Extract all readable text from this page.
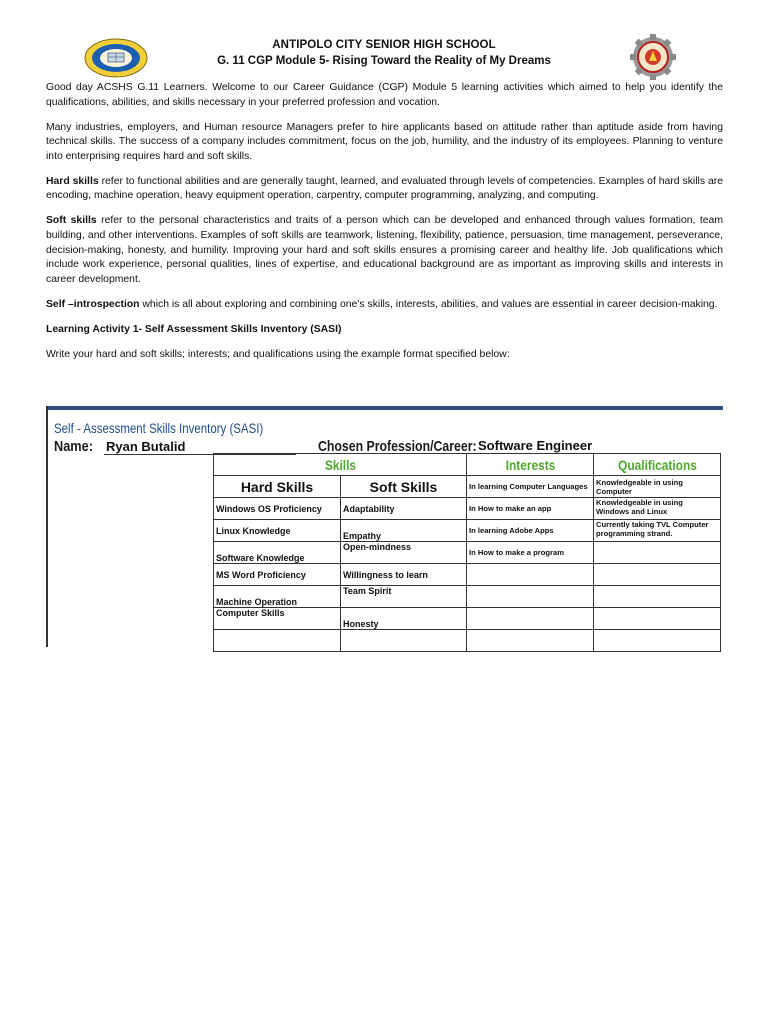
ANTIPOLO CITY SENIOR HIGH SCHOOL
G. 11 CGP Module 5- Rising Toward the Reality of My Dreams

Good day ACSHS G.11 Learners. Welcome to our Career Guidance (CGP) Module 5 learning activities which aimed to help you identify the qualifications, abilities, and skills necessary in your preferred profession and vocation.

Many industries, employers, and Human resource Managers prefer to hire applicants based on attitude rather than aptitude aside from having technical skills. The success of a company includes commitment, focus on the job, humility, and the industry of its employees. Planning to venture into enterprising requires hard and soft skills.

Hard skills refer to functional abilities and are generally taught, learned, and evaluated through levels of competencies. Examples of hard skills are encoding, machine operation, heavy equipment operation, carpentry, computer programming, analyzing, and computing.

Soft skills refer to the personal characteristics and traits of a person which can be developed and enhanced through values formation, team building, and other interventions. Examples of soft skills are teamwork, listening, flexibility, patience, persuasion, time management, perseverance, decision-making, honesty, and humility. Improving your hard and soft skills ensures a promising career and healthy life. Job qualifications which include work experience, personal qualities, lines of expertise, and educational background are as important as improving skills and interests in career development.

Self –introspection which is all about exploring and combining one’s skills, interests, abilities, and values are essential in career decision-making.

Learning Activity 1- Self Assessment Skills Inventory (SASI)

Write your hard and soft skills; interests; and qualifications using the example format specified below:

Self - Assessment Skills Inventory (SASI)
Name: Ryan Butalid	Chosen Profession/Career: Software Engineer
Skills		Interests	Qualifications
Hard Skills	Soft Skills	In learning Computer Languages	Knowledgeable in using Computer
Windows OS Proficiency	Adaptability	In How to make an app	Knowledgeable in using Windows and Linux
Linux Knowledge	Empathy	In learning Adobe Apps	Currently taking TVL Computer programming strand.
Software Knowledge	Open-mindness	In How to make a program	
MS Word Proficiency	Willingness to learn		
Machine Operation	Team Spirit		
Computer Skills	Honesty		
